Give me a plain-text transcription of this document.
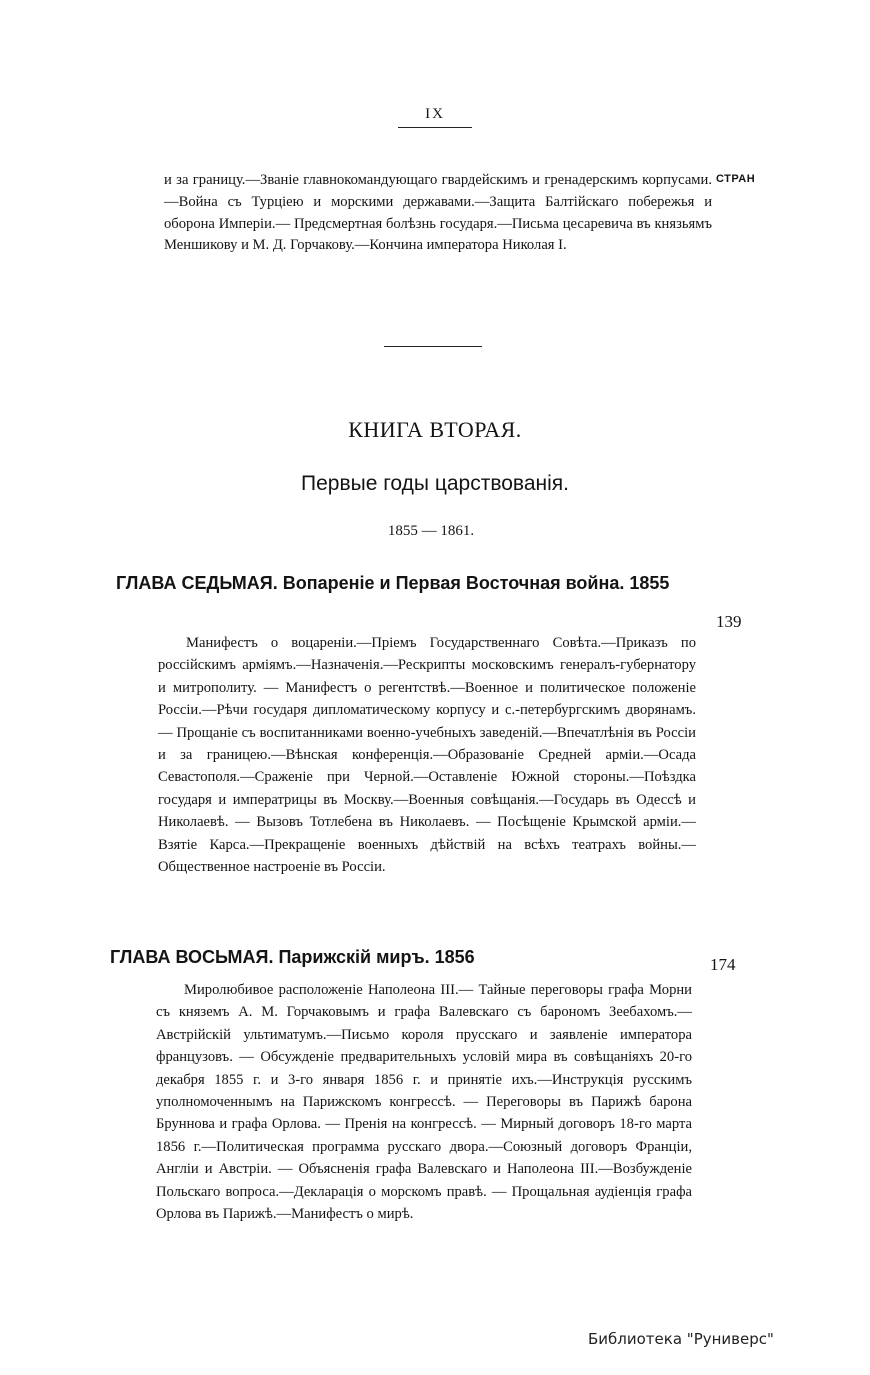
IX
СТРАН

и за границу.—Званіе главнокомандующаго гвардейскимъ и гренадерскимъ корпусами.—Война съ Турціею и морскими державами.—Защита Балтійскаго побережья и оборона Имперіи.— Предсмертная болѣзнь государя.—Письма цесаревича въ князьямъ Меншикову и М. Д. Горчакову.—Кончина императора Николая I.

КНИГА ВТОРАЯ.
Первые годы царствованія.
1855 — 1861.
ГЛАВА СЕДЬМАЯ. Вопареніе и Первая Восточная война. 1855
139

Манифестъ о воцареніи.—Пріемъ Государственнаго Совѣта.—Приказъ по россійскимъ арміямъ.—Назначенія.—Рескрипты московскимъ генералъ-губернатору и митрополиту. — Манифестъ о регентствѣ.—Военное и политическое положеніе Россіи.—Рѣчи государя дипломатическому корпусу и с.-петербургскимъ дворянамъ. — Прощаніе съ воспитанниками военно-учебныхъ заведеній.—Впечатлѣнія въ Россіи и за границею.—Вѣнская конференція.—Образованіе Средней арміи.—Осада Севастополя.—Сраженіе при Черной.—Оставленіе Южной стороны.—Поѣздка государя и императрицы въ Москву.—Военныя совѣщанія.—Государь въ Одессѣ и Николаевѣ. — Вызовъ Тотлебена въ Николаевъ. — Посѣщеніе Крымской арміи.—Взятіе Карса.—Прекращеніе военныхъ дѣйствій на всѣхъ театрахъ войны.—Общественное настроеніе въ Россіи.

ГЛАВА ВОСЬМАЯ. Парижскій миръ. 1856	174

Миролюбивое расположеніе Наполеона III.— Тайные переговоры графа Морни съ княземъ А. М. Горчаковымъ и графа Валевскаго съ барономъ Зеебахомъ.—Австрійскій ультиматумъ.—Письмо короля прусскаго и заявленіе императора французовъ. — Обсужденіе предварительныхъ условій мира въ совѣщаніяхъ 20-го декабря 1855 г. и 3-го января 1856 г. и принятіе ихъ.—Инструкція русскимъ уполномоченнымъ на Парижскомъ конгрессѣ. — Переговоры въ Парижѣ барона Бруннова и графа Орлова. — Пренія на конгрессѣ. — Мирный договоръ 18-го марта 1856 г.—Политическая программа русскаго двора.—Союзный договоръ Франціи, Англіи и Австріи. — Объясненія графа Валевскаго и Наполеона III.—Возбужденіе Польскаго вопроса.—Декларація о морскомъ правѣ. — Прощальная аудіенція графа Орлова въ Парижѣ.—Манифестъ о мирѣ.

Библиотека "Руниверс"
